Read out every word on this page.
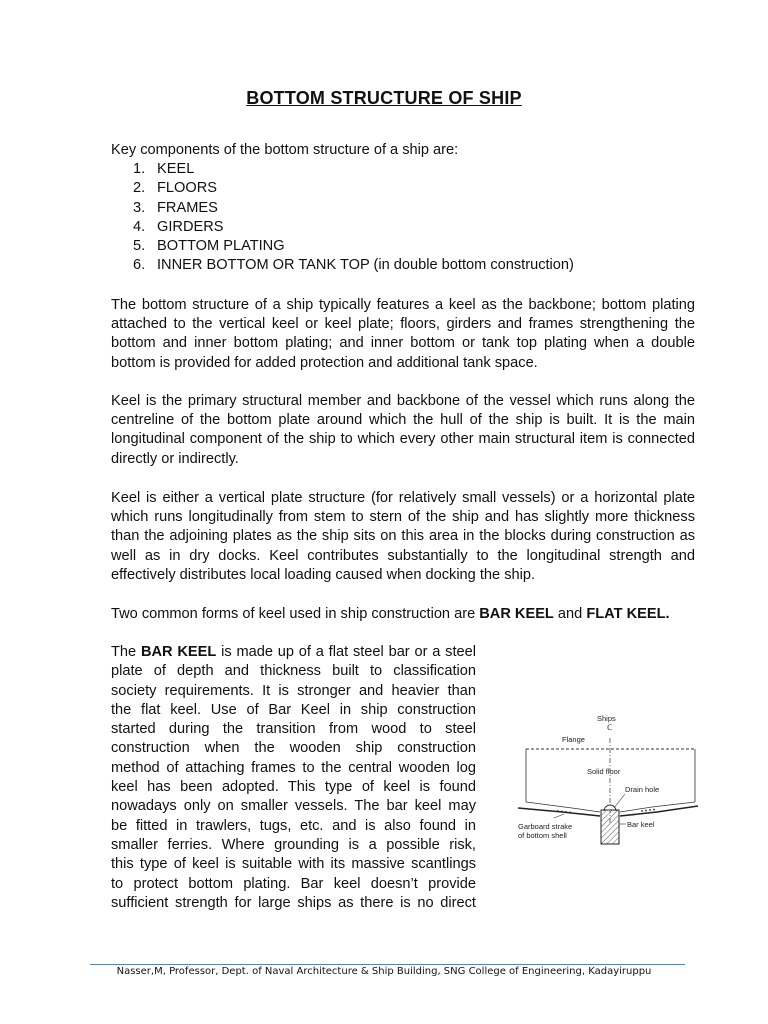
BOTTOM STRUCTURE OF SHIP
Key components of the bottom structure of a ship are:
1. KEEL
2. FLOORS
3. FRAMES
4. GIRDERS
5. BOTTOM PLATING
6. INNER BOTTOM OR TANK TOP (in double bottom construction)
The bottom structure of a ship typically features a keel as the backbone; bottom plating attached to the vertical keel or keel plate; floors, girders and frames strengthening the bottom and inner bottom plating; and inner bottom or tank top plating when a double bottom is provided for added protection and additional tank space.
Keel is the primary structural member and backbone of the vessel which runs along the centreline of the bottom plate around which the hull of the ship is built. It is the main longitudinal component of the ship to which every other main structural item is connected directly or indirectly.
Keel is either a vertical plate structure (for relatively small vessels) or a horizontal plate which runs longitudinally from stem to stern of the ship and has slightly more thickness than the adjoining plates as the ship sits on this area in the blocks during construction as well as in dry docks. Keel contributes substantially to the longitudinal strength and effectively distributes local loading caused when docking the ship.
Two common forms of keel used in ship construction are BAR KEEL and FLAT KEEL.
The BAR KEEL is made up of a flat steel bar or a steel
plate of depth and thickness built to classification
society requirements. It is stronger and heavier than
the flat keel. Use of Bar Keel in ship construction
started during the transition from wood to steel
construction when the wooden ship construction
method of attaching frames to the central wooden log
keel has been adopted. This type of keel is found
nowadays only on smaller vessels. The bar keel may
be fitted in trawlers, tugs, etc. and is also found in
smaller ferries. Where grounding is a possible risk,
this type of keel is suitable with its massive scantlings
to protect bottom plating. Bar keel doesn’t provide
sufficient strength for large ships as there is no direct
Ships
ℂ
Flange
Solid floor
Drain hole
Garboard strake
of bottom shell
Bar keel
Nasser,M, Professor, Dept. of Naval Architecture & Ship Building, SNG College of Engineering, Kadayiruppu
